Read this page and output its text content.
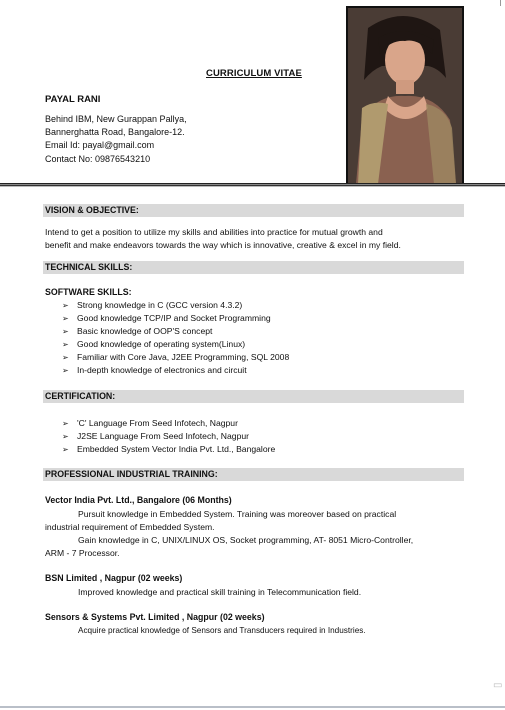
CURRICULUM VITAE
PAYAL RANI
Behind IBM, New Gurappan Pallya,
Bannerghatta Road, Bangalore-12.
Email Id: payal@gmail.com
Contact No: 09876543210
VISION & OBJECTIVE:
Intend to get a position to utilize my skills and abilities into practice for mutual growth and
benefit and make endeavors towards the way which is innovative, creative & excel in my field.
TECHNICAL SKILLS:
SOFTWARE SKILLS:
➢ Strong knowledge in C (GCC version 4.3.2)
➢ Good knowledge TCP/IP and Socket Programming
➢ Basic knowledge of OOP'S concept
➢ Good knowledge of operating system(Linux)
➢ Familiar with Core Java, J2EE Programming, SQL 2008
➢ In-depth knowledge of electronics and circuit
CERTIFICATION:
➢ 'C' Language From Seed Infotech, Nagpur
➢ J2SE Language From Seed Infotech, Nagpur
➢ Embedded System Vector India Pvt. Ltd., Bangalore
PROFESSIONAL INDUSTRIAL TRAINING:
Vector India Pvt. Ltd., Bangalore (06 Months)
Pursuit knowledge in Embedded System. Training was moreover based on practical
industrial requirement of Embedded System.
Gain knowledge in C, UNIX/LINUX OS, Socket programming, AT- 8051 Micro-Controller,
ARM - 7 Processor.
BSN Limited , Nagpur (02 weeks)
Improved knowledge and practical skill training in Telecommunication field.
Sensors & Systems Pvt. Limited , Nagpur (02 weeks)
Acquire practical knowledge of Sensors and Transducers required in Industries.
▭
